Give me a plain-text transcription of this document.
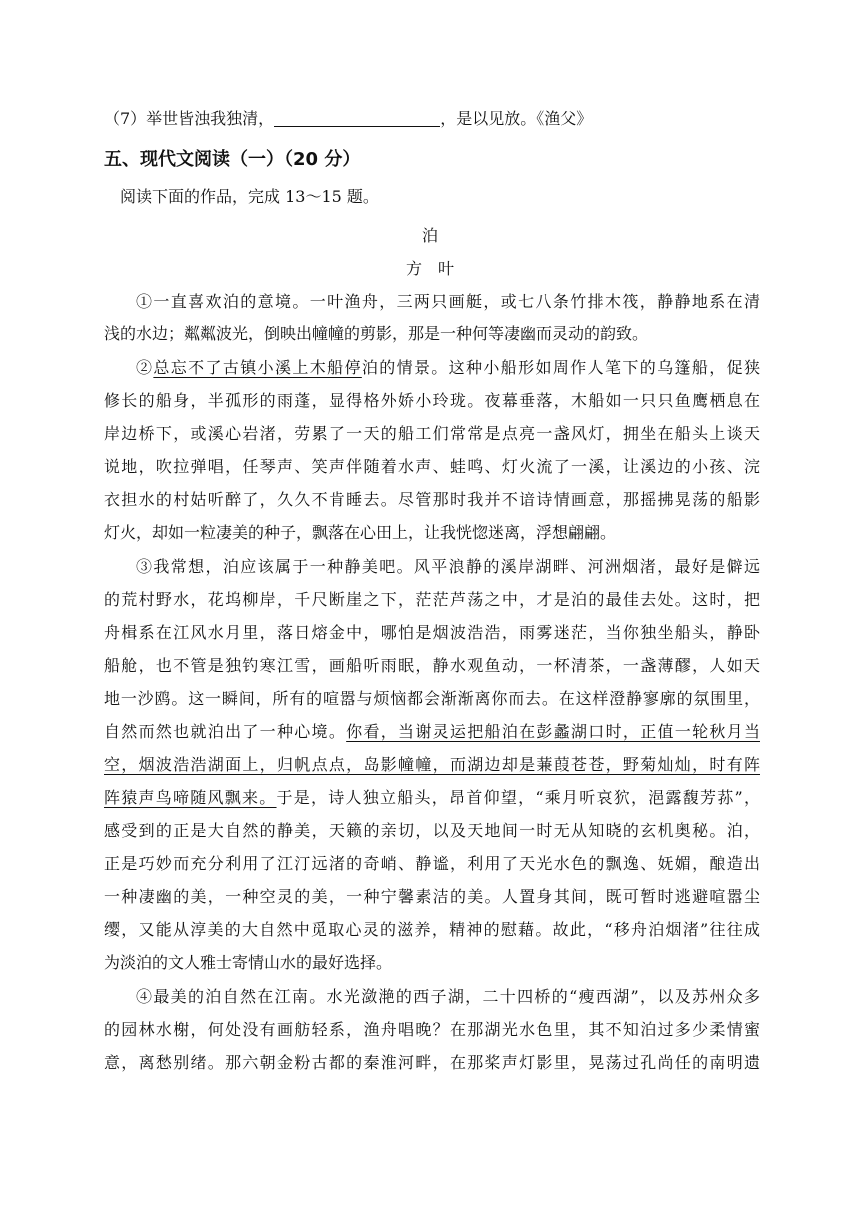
（7）举世皆浊我独清，	，是以见放。《渔父》
五、现代文阅读（一）（20 分）
阅读下面的作品，完成 13～15 题。
泊
方　叶
①一直喜欢泊的意境。一叶渔舟，三两只画艇，或七八条竹排木筏，静静地系在清
浅的水边；粼粼波光，倒映出幢幢的剪影，那是一种何等凄幽而灵动的韵致。
②总忘不了古镇小溪上木船停泊的情景。这种小船形如周作人笔下的乌篷船，促狭
修长的船身，半孤形的雨蓬，显得格外娇小玲珑。夜幕垂落，木船如一只只鱼鹰栖息在
岸边桥下，或溪心岩渚，劳累了一天的船工们常常是点亮一盏风灯，拥坐在船头上谈天
说地，吹拉弹唱，任琴声、笑声伴随着水声、蛙鸣、灯火流了一溪，让溪边的小孩、浣
衣担水的村姑听醉了，久久不肯睡去。尽管那时我并不谙诗情画意，那摇拂晃荡的船影
灯火，却如一粒凄美的种子，飘落在心田上，让我恍惚迷离，浮想翩翩。
③我常想，泊应该属于一种静美吧。风平浪静的溪岸湖畔、河洲烟渚，最好是僻远
的荒村野水，花坞柳岸，千尺断崖之下，茫茫芦荡之中，才是泊的最佳去处。这时，把
舟楫系在江风水月里，落日熔金中，哪怕是烟波浩浩，雨雾迷茫，当你独坐船头，静卧
船舱，也不管是独钓寒江雪，画船听雨眠，静水观鱼动，一杯清茶，一盏薄醪，人如天
地一沙鸥。这一瞬间，所有的喧嚣与烦恼都会渐渐离你而去。在这样澄静寥廓的氛围里，
自然而然也就泊出了一种心境。你看，当谢灵运把船泊在彭蠡湖口时，正值一轮秋月当
空，烟波浩浩湖面上，归帆点点，岛影幢幢，而湖边却是蒹葭苍苍，野菊灿灿，时有阵
阵猿声鸟啼随风飘来。于是，诗人独立船头，昂首仰望，“乘月听哀狖，浥露馥芳荪”，
感受到的正是大自然的静美，天籁的亲切，以及天地间一时无从知晓的玄机奥秘。泊，
正是巧妙而充分利用了江汀远渚的奇峭、静谧，利用了天光水色的飘逸、妩媚，酿造出
一种凄幽的美，一种空灵的美，一种宁馨素洁的美。人置身其间，既可暂时逃避喧嚣尘
缨，又能从淳美的大自然中觅取心灵的滋养，精神的慰藉。故此，“移舟泊烟渚”往往成
为淡泊的文人雅士寄情山水的最好选择。
④最美的泊自然在江南。水光潋滟的西子湖，二十四桥的“瘦西湖”，以及苏州众多
的园林水榭，何处没有画舫轻系，渔舟唱晚？在那湖光水色里，其不知泊过多少柔情蜜
意，离愁别绪。那六朝金粉古都的秦淮河畔，在那桨声灯影里，晃荡过孔尚任的南明遗
